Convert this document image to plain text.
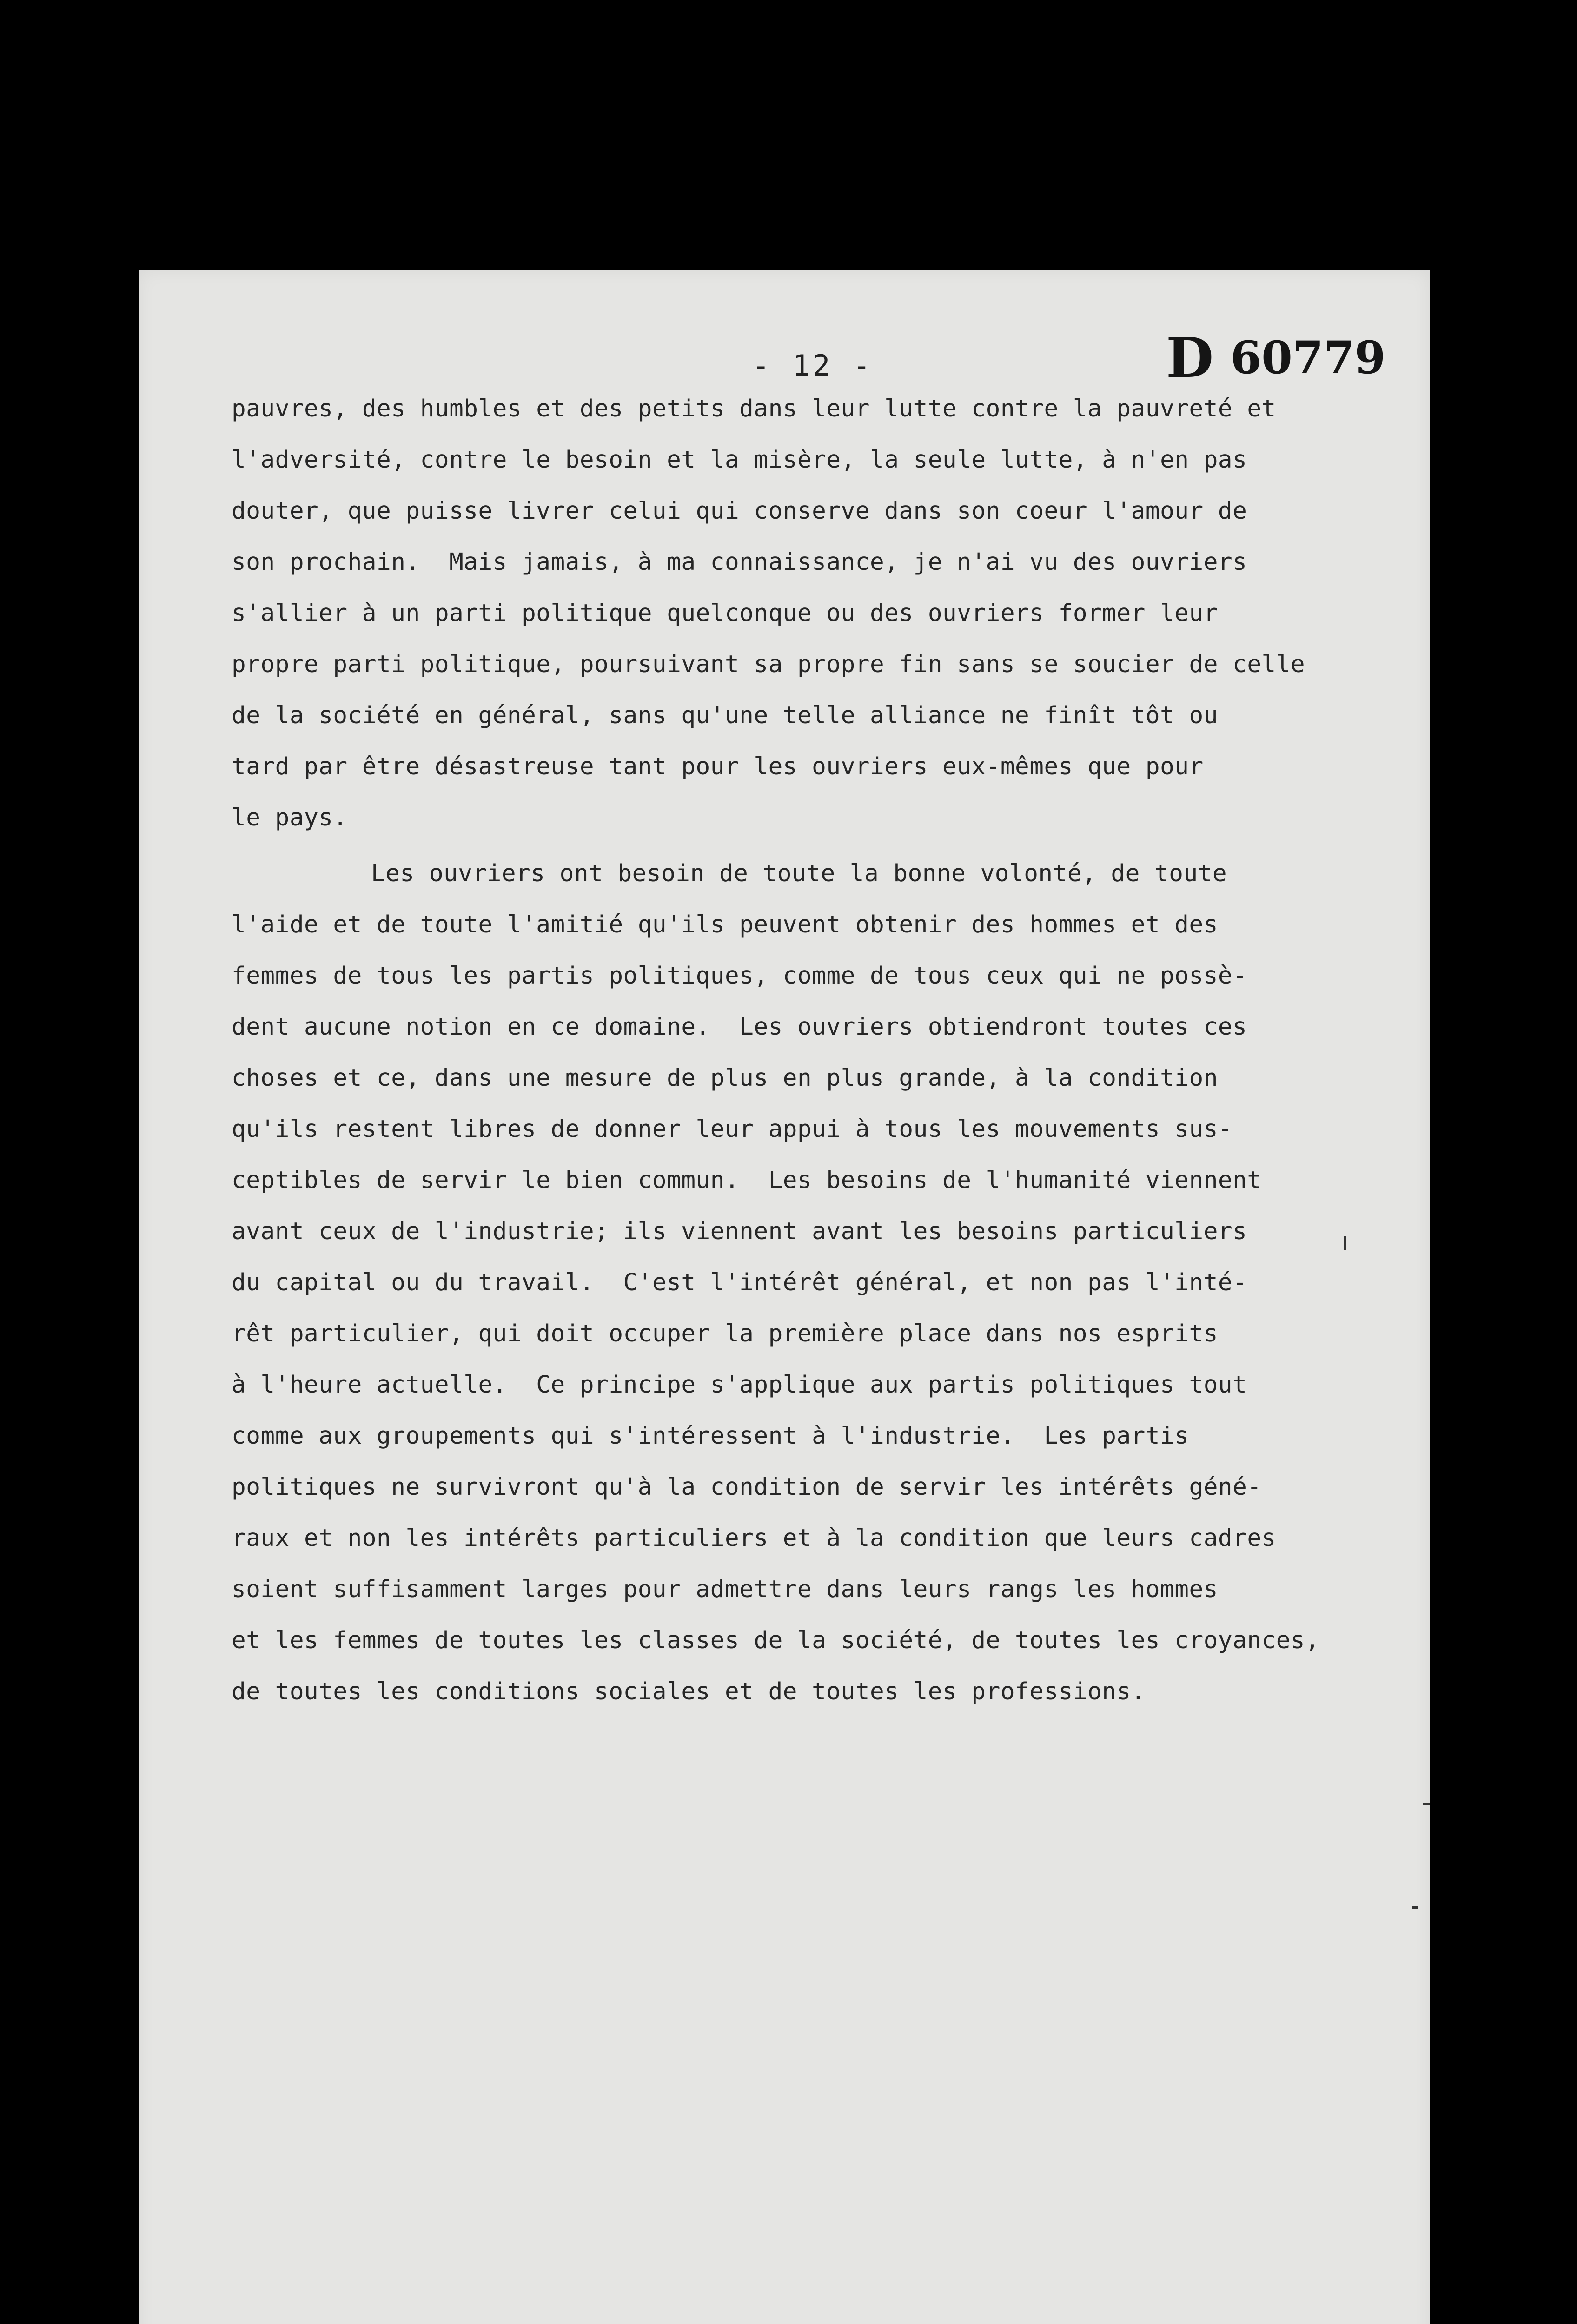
- 12 -	D 60779
pauvres, des humbles et des petits dans leur lutte contre la pauvreté et
l'adversité, contre le besoin et la misère, la seule lutte, à n'en pas
douter, que puisse livrer celui qui conserve dans son coeur l'amour de
son prochain.  Mais jamais, à ma connaissance, je n'ai vu des ouvriers
s'allier à un parti politique quelconque ou des ouvriers former leur
propre parti politique, poursuivant sa propre fin sans se soucier de celle
de la société en général, sans qu'une telle alliance ne finît tôt ou
tard par être désastreuse tant pour les ouvriers eux-mêmes que pour
le pays.
Les ouvriers ont besoin de toute la bonne volonté, de toute
l'aide et de toute l'amitié qu'ils peuvent obtenir des hommes et des
femmes de tous les partis politiques, comme de tous ceux qui ne possè-
dent aucune notion en ce domaine.  Les ouvriers obtiendront toutes ces
choses et ce, dans une mesure de plus en plus grande, à la condition
qu'ils restent libres de donner leur appui à tous les mouvements sus-
ceptibles de servir le bien commun.  Les besoins de l'humanité viennent
avant ceux de l'industrie; ils viennent avant les besoins particuliers
du capital ou du travail.  C'est l'intérêt général, et non pas l'inté-
rêt particulier, qui doit occuper la première place dans nos esprits
à l'heure actuelle.  Ce principe s'applique aux partis politiques tout
comme aux groupements qui s'intéressent à l'industrie.  Les partis
politiques ne survivront qu'à la condition de servir les intérêts géné-
raux et non les intérêts particuliers et à la condition que leurs cadres
soient suffisamment larges pour admettre dans leurs rangs les hommes
et les femmes de toutes les classes de la société, de toutes les croyances,
de toutes les conditions sociales et de toutes les professions.
